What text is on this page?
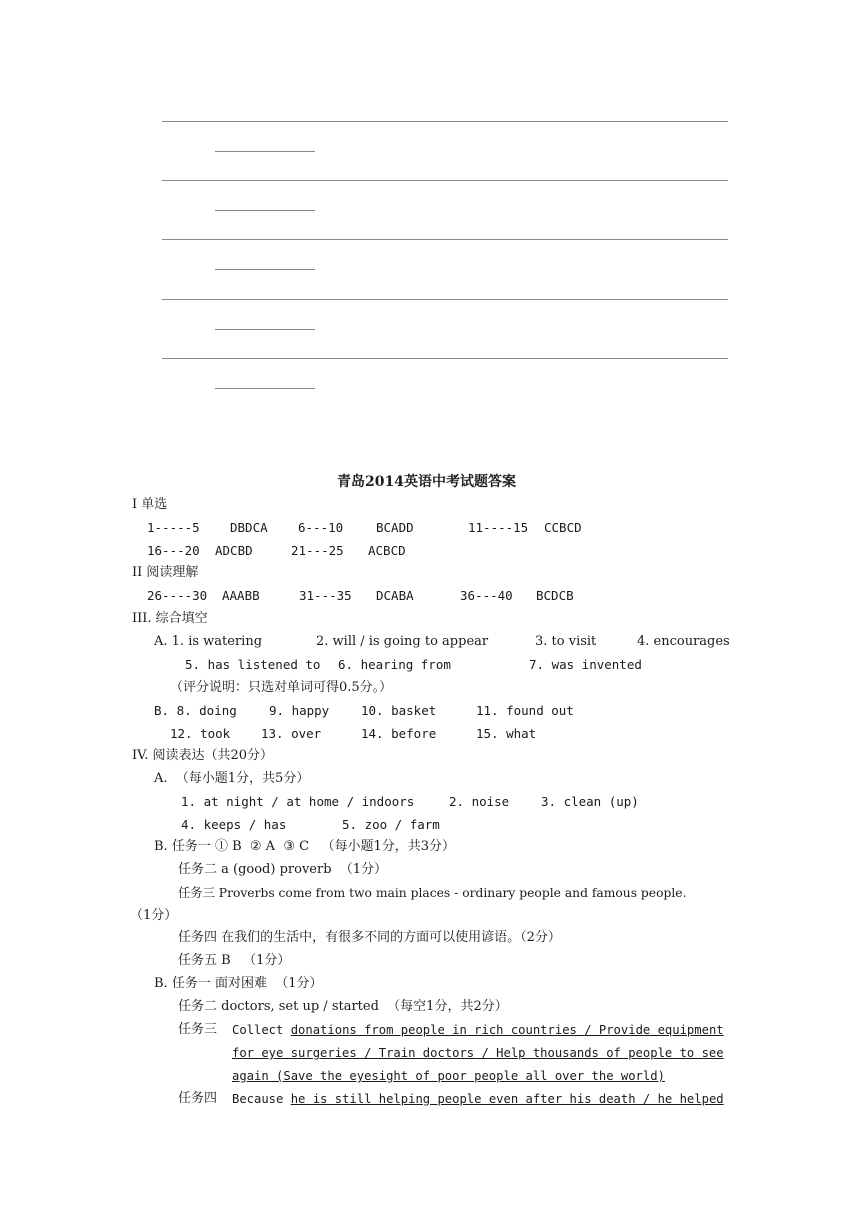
青岛2014英语中考试题答案
I 单选
1-----5 DBDCA 6---10	BCADD	11----15 CCBCD
16---20 ADCBD	21---25 ACBCD
II 阅读理解
26----30 AAABB	31---35 DCABA	36---40 BCDCB
III. 综合填空
A. 1. is watering	2. will / is going to appear	3. to visit	4. encourages
5. has listened to 6. hearing from	7. was invented
（评分说明：只选对单词可得0.5分。）
B. 8. doing	9. happy	10. basket	11. found out
12. took 13. over	14. before	15. what
IV. 阅读表达（共20分）
A.  （每小题1分，共5分）
1. at night / at home / indoors	2. noise	3. clean (up)
4. keeps / has	5. zoo / farm
B. 任务一 ① B  ② A  ③ C   （每小题1分，共3分）
任务二 a (good) proverb  （1分）
任务三 Proverbs come from two main places - ordinary people and famous people.
（1分）
任务四 在我们的生活中，有很多不同的方面可以使用谚语。（2分）
任务五 B   （1分）
B. 任务一 面对困难  （1分）
任务二 doctors, set up / started  （每空1分，共2分）
任务三 Collect donations from people in rich countries / Provide equipment
for eye surgeries / Train doctors / Help thousands of people to see
again (Save the eyesight of poor people all over the world)
任务四 Because he is still helping people even after his death / he helped
